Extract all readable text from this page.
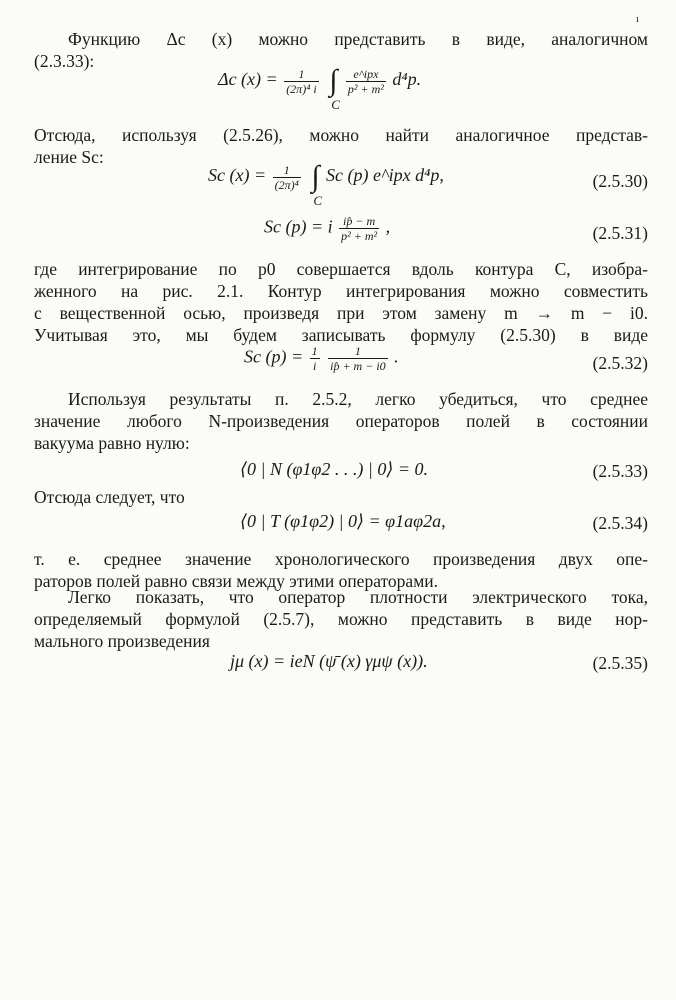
ı
Функцию Δc (x) можно представить в виде, аналогичном
(2.3.33):
Δc $(x) = \frac{1}{\text{(2π)⁴ i}}$ ∫
C

$\frac{\text{e\textasciicircum{}ipx}}{\text{p² + m²}} d^4p$.
Отсюда, используя (2.5.26), можно найти аналогичное представ-
ление Sc:
Sc $(x) = \frac{1}{\text{(2π)⁴}}$ ∫
C
Sc (p) e^ipx d⁴p,	(2.5.30)
Sc (p) = i $\frac{ip̂ - m}{\text{p² + m²}}$ ,	(2.5.31)
где интегрирование по p0 совершается вдоль контура C, изобра-
женного на рис. 2.1. Контур интегрирования можно совместить
с вещественной осью, произведя при этом замену m → m − i0.
Учитывая это, мы будем записывать формулу (2.5.30) в виде
Sc $(p) = \frac{1}{i}$
$\frac{1}{ip̂ + m - i0}$ .	(2.5.32)
Используя результаты п. 2.5.2, легко убедиться, что среднее
значение любого N-произведения операторов полей в состоянии
вакуума равно нулю:
⟨0 | N (φ1φ2 . . .) | 0⟩ = 0.	(2.5.33)
Отсюда следует, что
⟨0 | T (φ1φ2) | 0⟩ = φ1aφ2a,	(2.5.34)
т. е. среднее значение хронологического произведения двух опе-
раторов полей равно связи между этими операторами.
Легко показать, что оператор плотности электрического тока,
определяемый формулой (2.5.7), можно представить в виде нор-
мального произведения
jμ (x) = ieN (ψ̄ (x) γμψ (x)).	(2.5.35)
